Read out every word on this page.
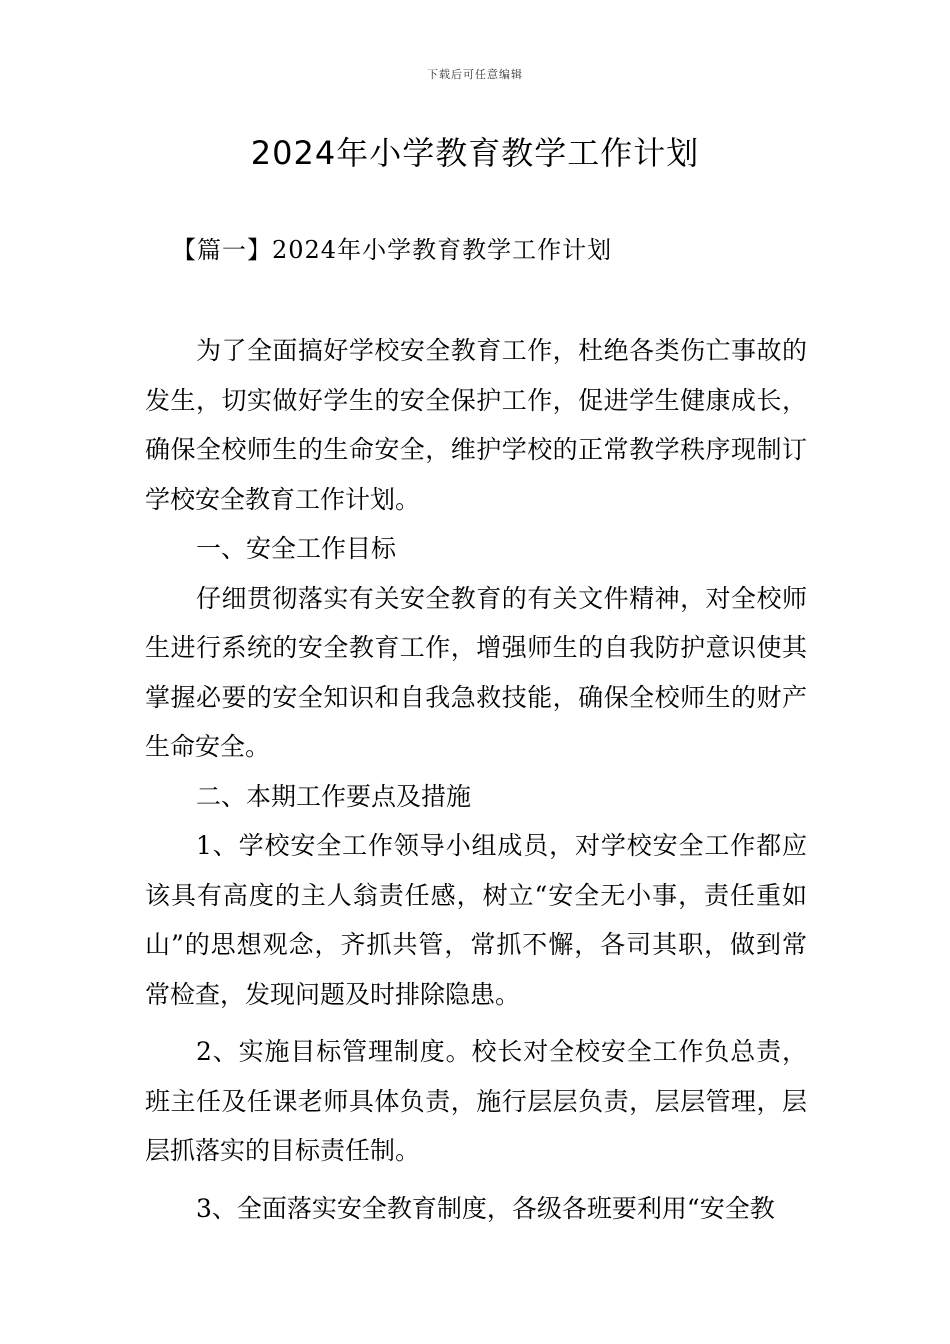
下载后可任意编辑
2024年小学教育教学工作计划
【篇一】2024年小学教育教学工作计划

为了全面搞好学校安全教育工作，杜绝各类伤亡事故的发生，切实做好学生的安全保护工作，促进学生健康成长，确保全校师生的生命安全，维护学校的正常教学秩序现制订学校安全教育工作计划。

一、安全工作目标

仔细贯彻落实有关安全教育的有关文件精神，对全校师生进行系统的安全教育工作，增强师生的自我防护意识使其掌握必要的安全知识和自我急救技能，确保全校师生的财产生命安全。

二、本期工作要点及措施

1、学校安全工作领导小组成员，对学校安全工作都应该具有高度的主人翁责任感，树立“安全无小事，责任重如山”的思想观念，齐抓共管，常抓不懈，各司其职，做到常常检查，发现问题及时排除隐患。

2、实施目标管理制度。校长对全校安全工作负总责，班主任及任课老师具体负责，施行层层负责，层层管理，层层抓落实的目标责任制。

3、全面落实安全教育制度，各级各班要利用“安全教
